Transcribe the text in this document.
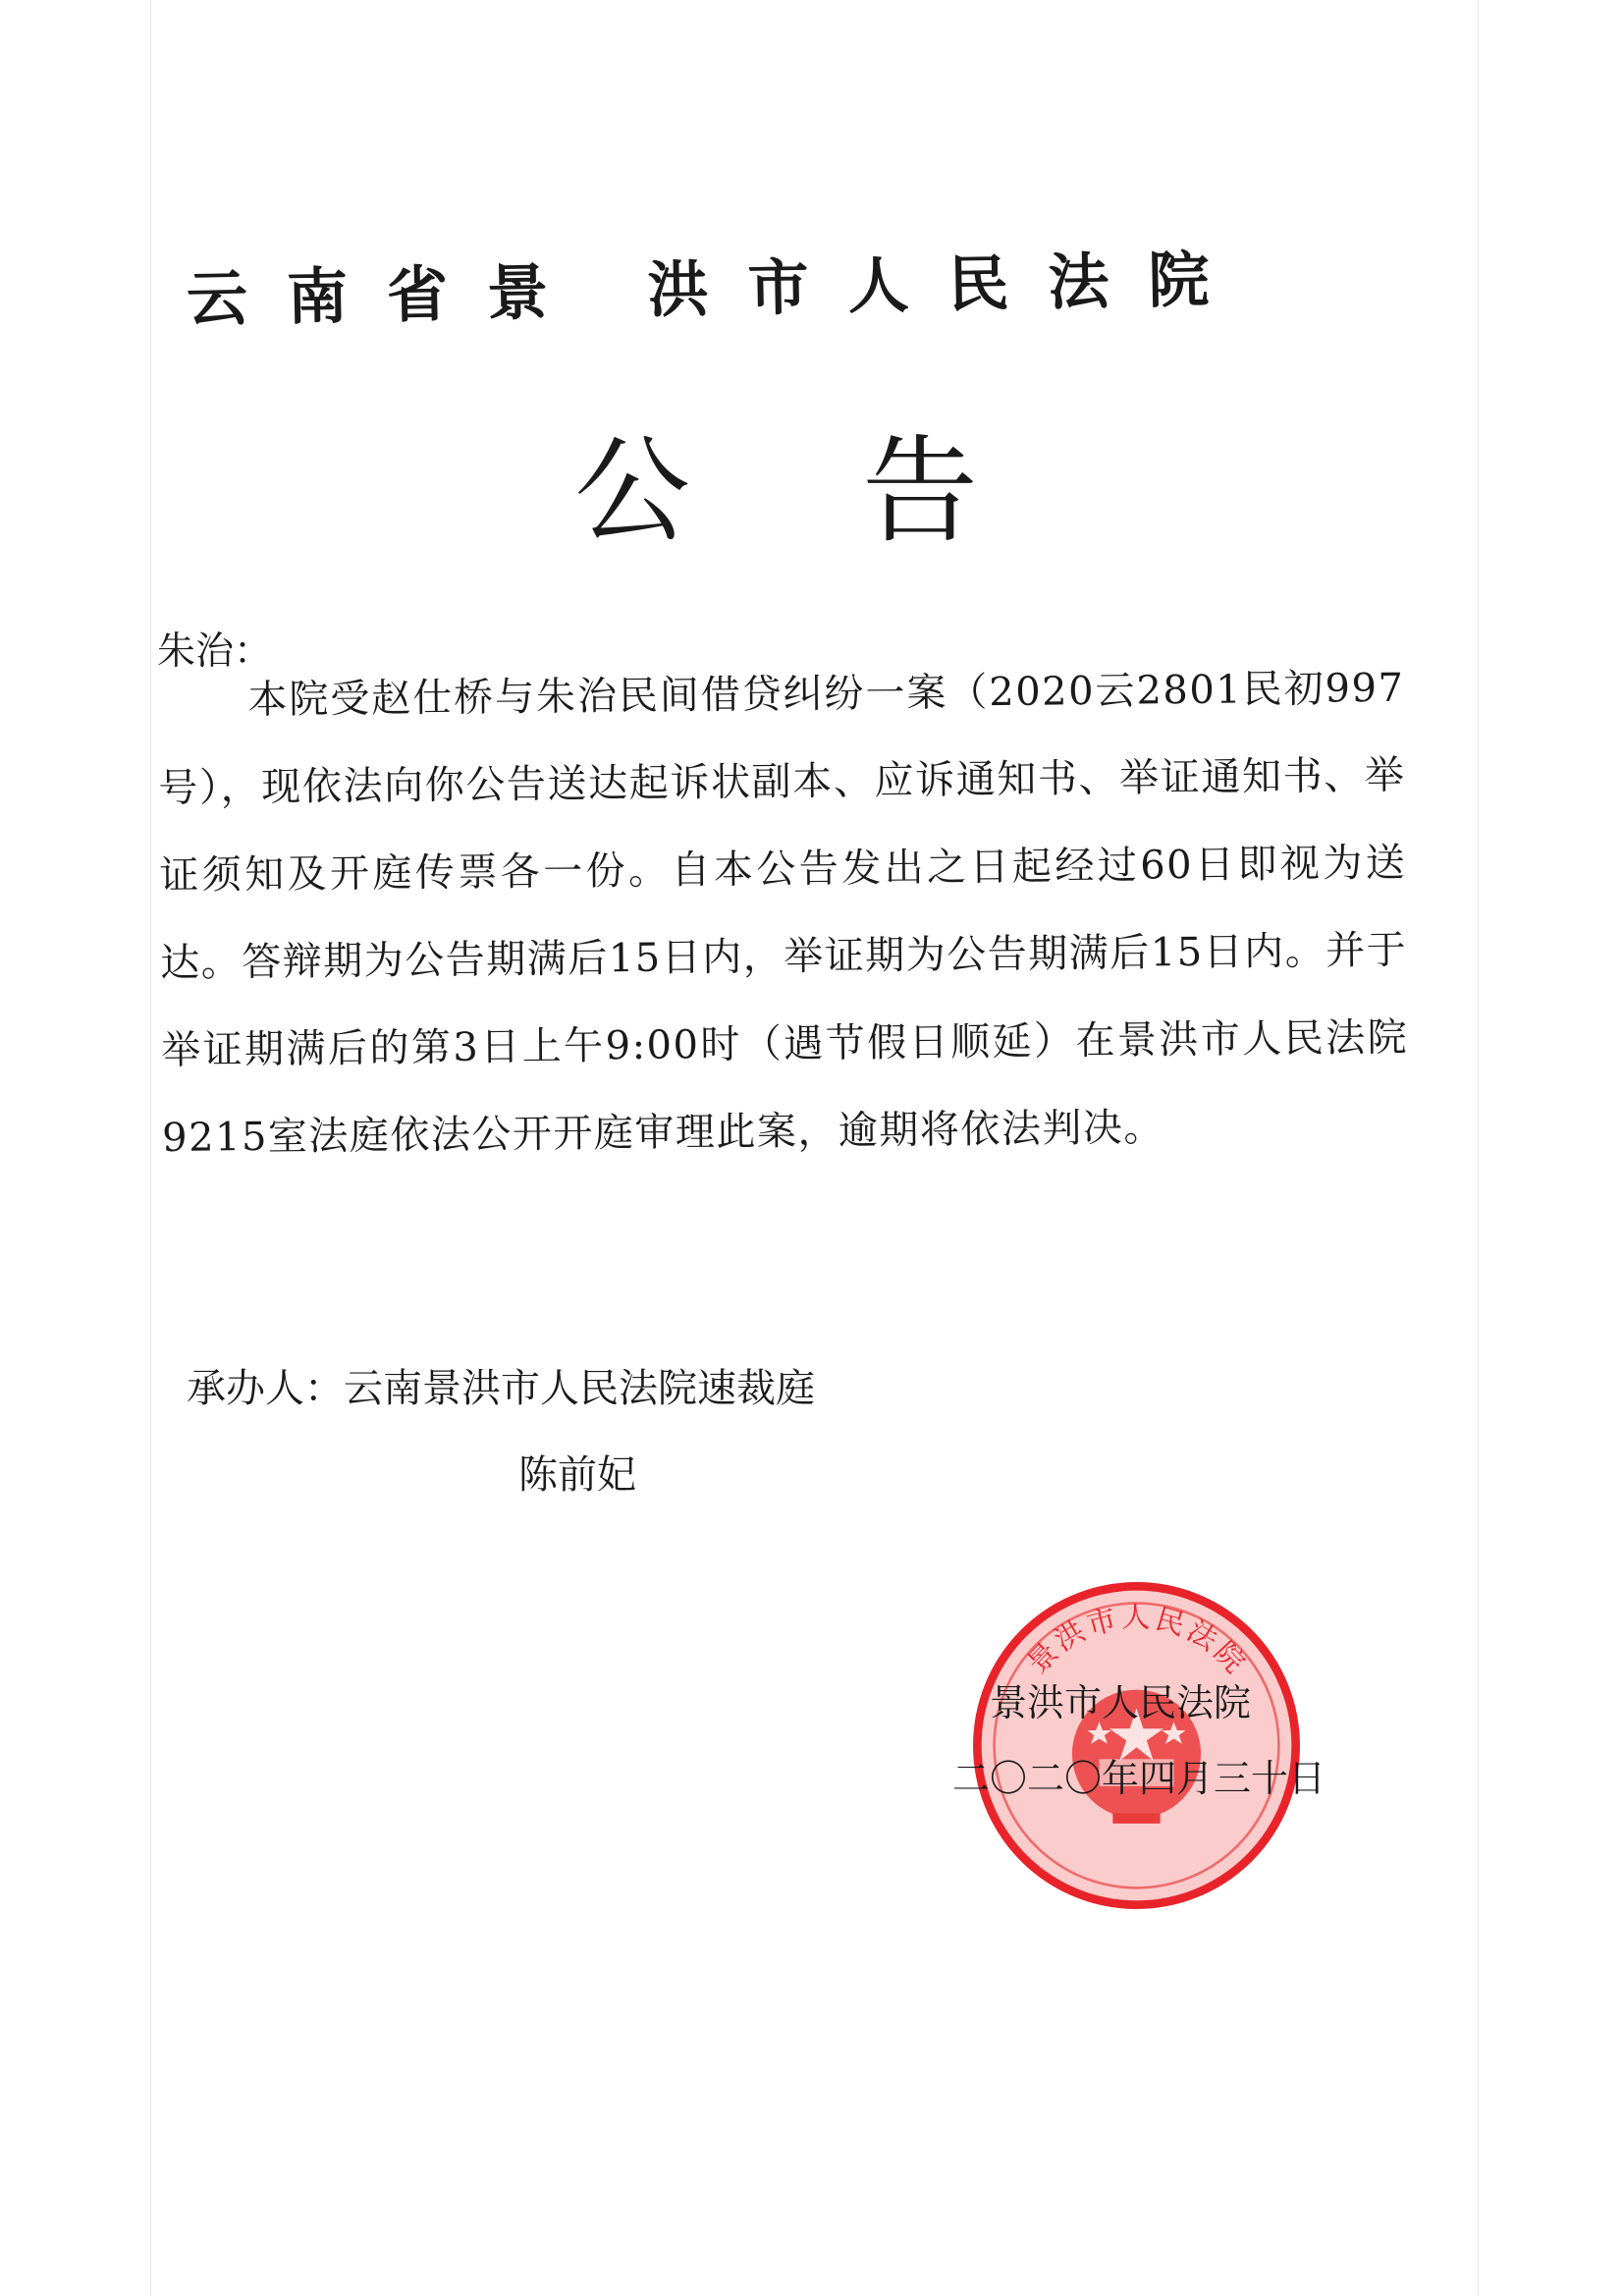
云南省景 洪市人民法院
公告
朱治：
本院受赵仕桥与朱治民间借贷纠纷一案（2020云2801民初997号），现依法向你公告送达起诉状副本、应诉通知书、举证通知书、举证须知及开庭传票各一份。自本公告发出之日起经过60日即视为送达。答辩期为公告期满后15日内，举证期为公告期满后15日内。并于举证期满后的第3日上午9:00时（遇节假日顺延）在景洪市人民法院9215室法庭依法公开开庭审理此案，逾期将依法判决。
承办人：云南景洪市人民法院速裁庭
陈前妃
景洪市人民法院
景洪市人民法院
二〇二〇年四月三十日
